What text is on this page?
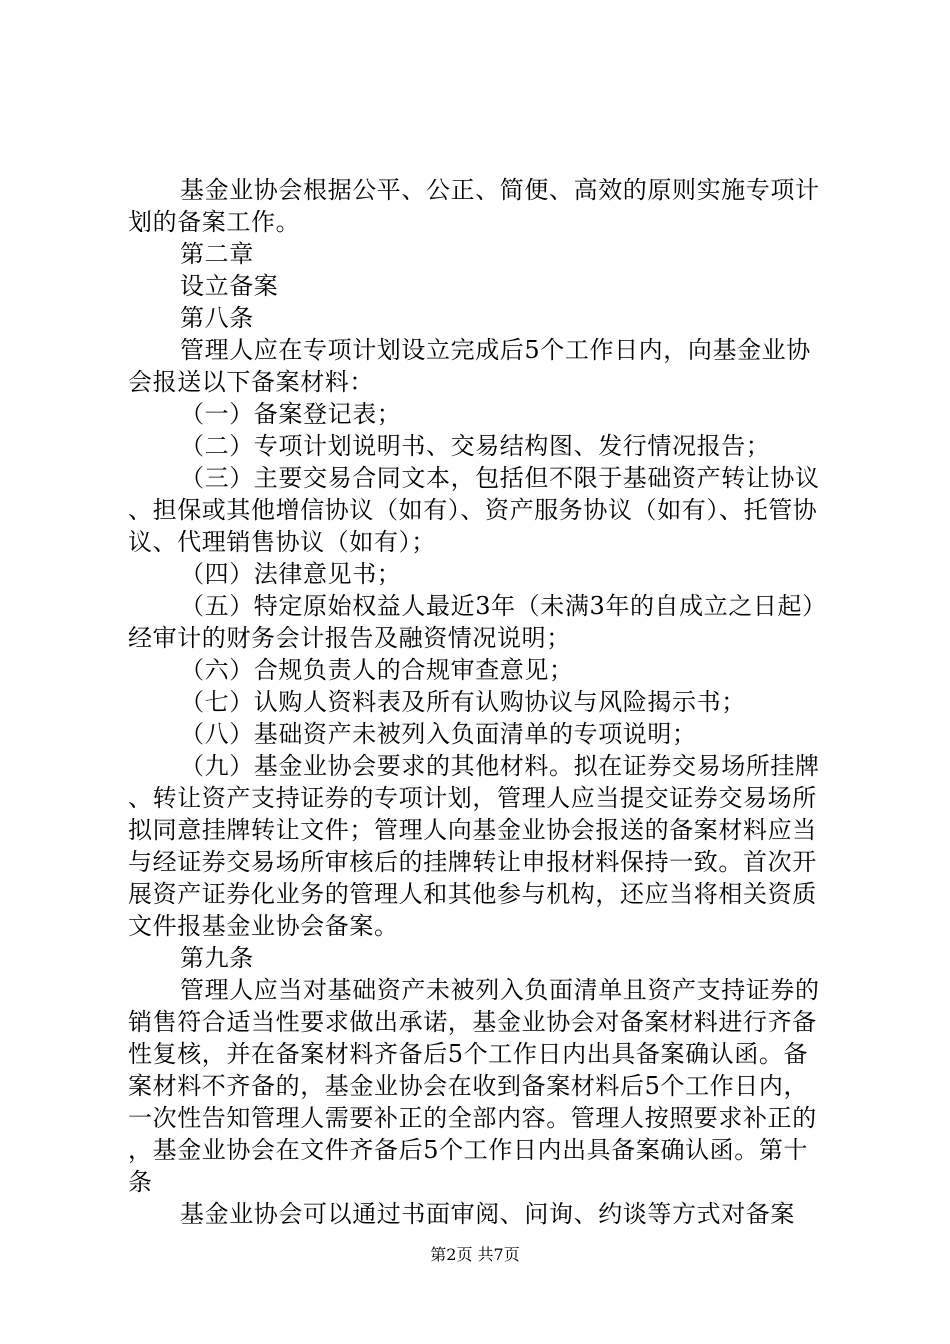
基金业协会根据公平、公正、简便、高效的原则实施专项计划的备案工作。

第二章

设立备案

第八条

管理人应在专项计划设立完成后5个工作日内，向基金业协会报送以下备案材料：

（一）备案登记表；

（二）专项计划说明书、交易结构图、发行情况报告；

（三）主要交易合同文本，包括但不限于基础资产转让协议、担保或其他增信协议（如有）、资产服务协议（如有）、托管协议、代理销售协议（如有）；

（四）法律意见书；

（五）特定原始权益人最近3年（未满3年的自成立之日起）经审计的财务会计报告及融资情况说明；

（六）合规负责人的合规审查意见；

（七）认购人资料表及所有认购协议与风险揭示书；

（八）基础资产未被列入负面清单的专项说明；

（九）基金业协会要求的其他材料。拟在证券交易场所挂牌、转让资产支持证券的专项计划，管理人应当提交证券交易场所拟同意挂牌转让文件；管理人向基金业协会报送的备案材料应当与经证券交易场所审核后的挂牌转让申报材料保持一致。首次开展资产证券化业务的管理人和其他参与机构，还应当将相关资质文件报基金业协会备案。

第九条

管理人应当对基础资产未被列入负面清单且资产支持证券的销售符合适当性要求做出承诺，基金业协会对备案材料进行齐备性复核，并在备案材料齐备后5个工作日内出具备案确认函。备案材料不齐备的，基金业协会在收到备案材料后5个工作日内，一次性告知管理人需要补正的全部内容。管理人按照要求补正的，基金业协会在文件齐备后5个工作日内出具备案确认函。第十条

基金业协会可以通过书面审阅、问询、约谈等方式对备案

第2页 共7页
